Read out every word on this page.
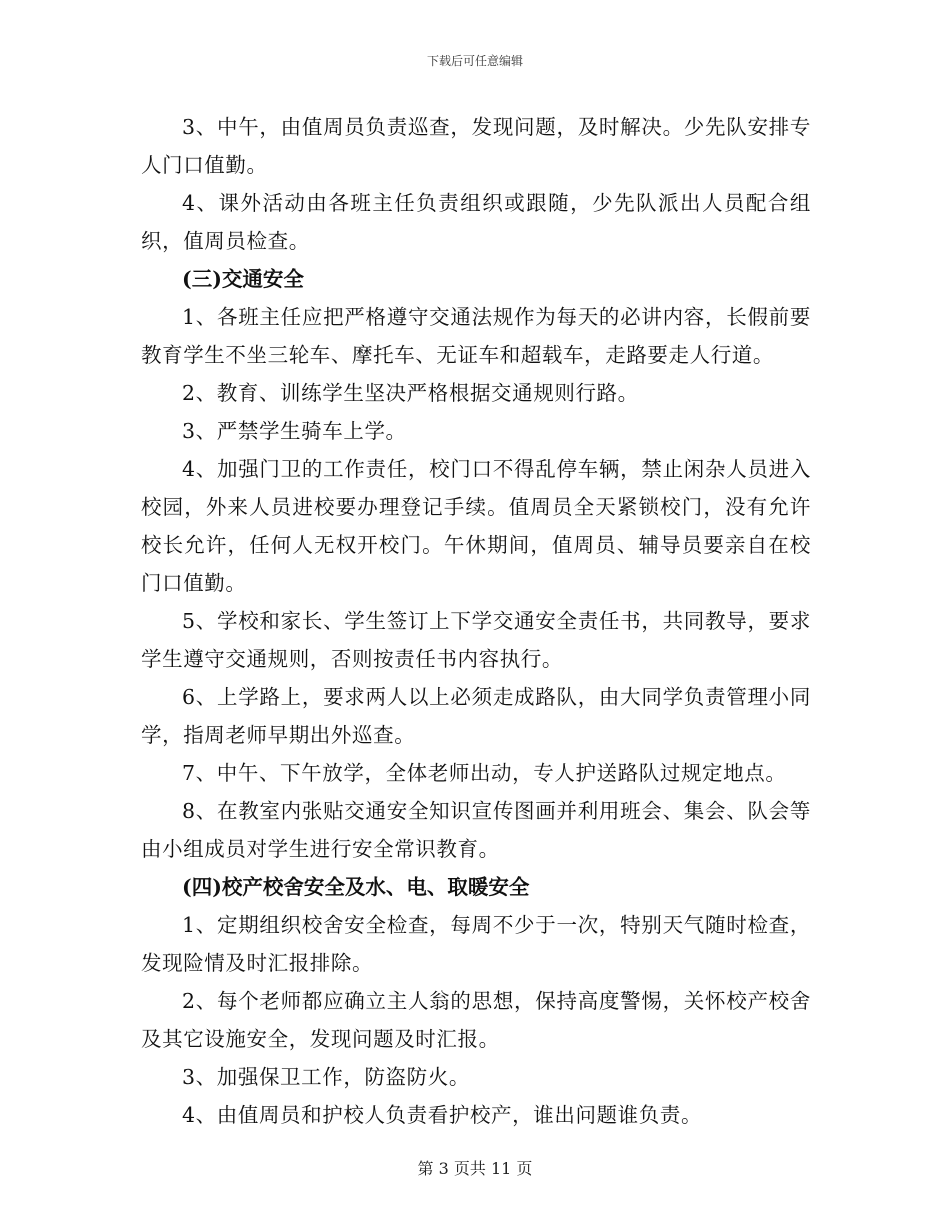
下载后可任意编辑

3、中午，由值周员负责巡查，发现问题，及时解决。少先队安排专人门口值勤。

4、课外活动由各班主任负责组织或跟随，少先队派出人员配合组织，值周员检查。

(三)交通安全

1、各班主任应把严格遵守交通法规作为每天的必讲内容，长假前要教育学生不坐三轮车、摩托车、无证车和超载车，走路要走人行道。

2、教育、训练学生坚决严格根据交通规则行路。

3、严禁学生骑车上学。

4、加强门卫的工作责任，校门口不得乱停车辆，禁止闲杂人员进入校园，外来人员进校要办理登记手续。值周员全天紧锁校门，没有允许校长允许，任何人无权开校门。午休期间，值周员、辅导员要亲自在校门口值勤。

5、学校和家长、学生签订上下学交通安全责任书，共同教导，要求学生遵守交通规则，否则按责任书内容执行。

6、上学路上，要求两人以上必须走成路队，由大同学负责管理小同学，指周老师早期出外巡查。

7、中午、下午放学，全体老师出动，专人护送路队过规定地点。

8、在教室内张贴交通安全知识宣传图画并利用班会、集会、队会等由小组成员对学生进行安全常识教育。

(四)校产校舍安全及水、电、取暖安全

1、定期组织校舍安全检查，每周不少于一次，特别天气随时检查，发现险情及时汇报排除。

2、每个老师都应确立主人翁的思想，保持高度警惕，关怀校产校舍及其它设施安全，发现问题及时汇报。

3、加强保卫工作，防盗防火。

4、由值周员和护校人负责看护校产，谁出问题谁负责。

第 3 页共 11 页
